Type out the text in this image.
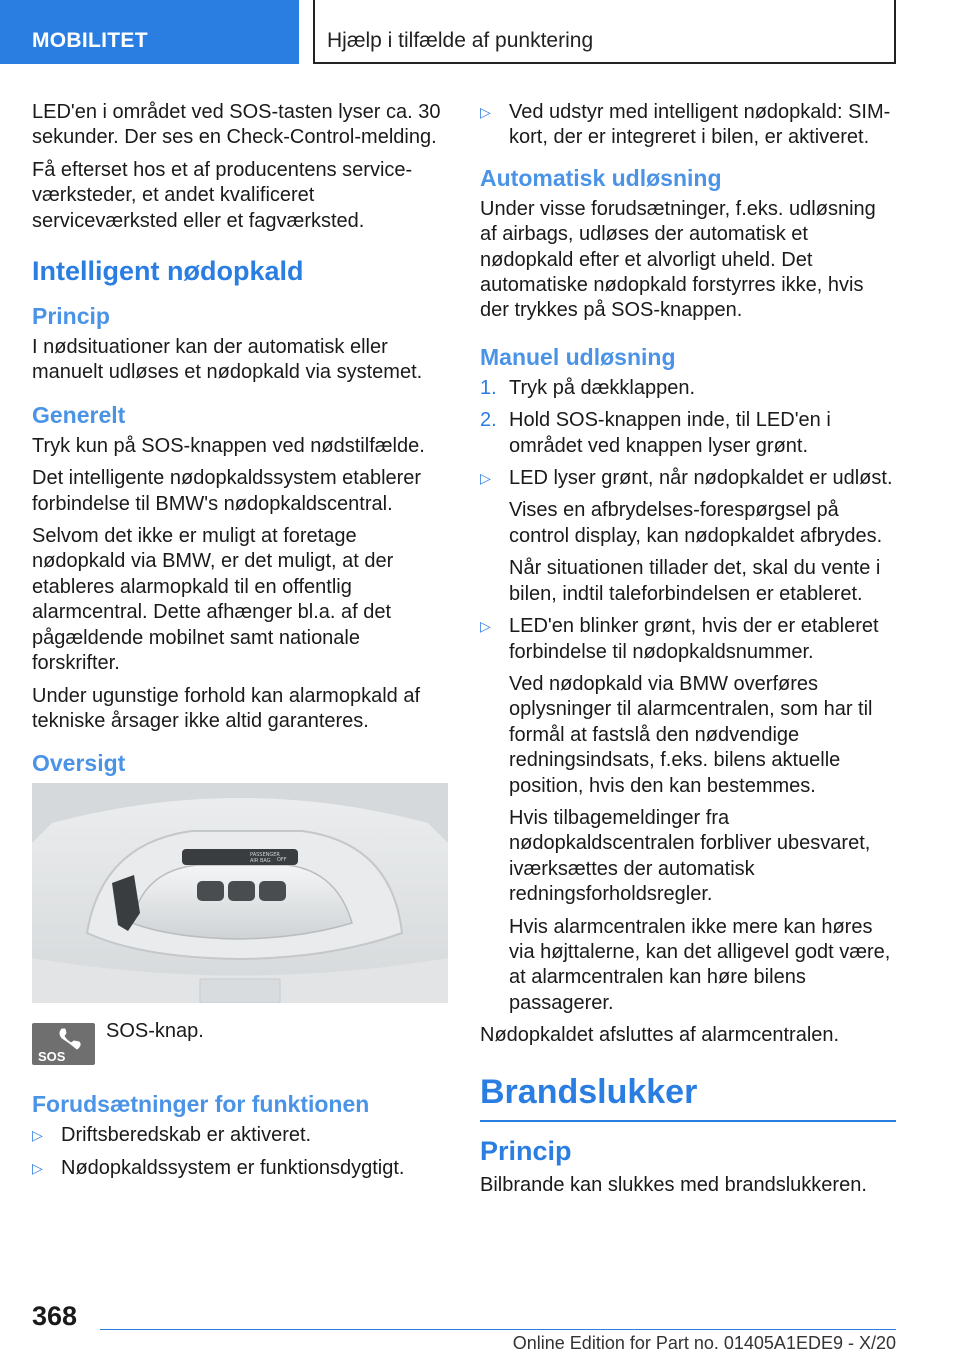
MOBILITET	Hjælp i tilfælde af punktering

LED'en i området ved SOS-tasten lyser ca. 30 sekunder. Der ses en Check-Control-melding.

Få efterset hos et af producentens serviceværksteder, et andet kvalificeret serviceværksted eller et fagværksted.

Intelligent nødopkald
Princip

I nødsituationer kan der automatisk eller manuelt udløses et nødopkald via systemet.

Generelt

Tryk kun på SOS-knappen ved nødstilfælde.

Det intelligente nødopkaldssystem etablerer forbindelse til BMW's nødopkaldscentral.

Selvom det ikke er muligt at foretage nødopkald via BMW, er det muligt, at der etableres alarmopkald til en offentlig alarmcentral. Dette afhænger bl.a. af det pågældende mobilnet samt nationale forskrifter.

Under ugunstige forhold kan alarmopkald af tekniske årsager ikke altid garanteres.

Oversigt
PASSENGER
AIR BAG OFF
SOS
SOS-knap.
Forudsætninger for funktionen
▷ Driftsberedskab er aktiveret.
▷ Nødopkaldssystem er funktionsdygtigt.
▷ Ved udstyr med intelligent nødopkald: SIM-kort, der er integreret i bilen, er aktiveret.
Automatisk udløsning

Under visse forudsætninger, f.eks. udløsning af airbags, udløses der automatisk et nødopkald efter et alvorligt uheld. Det automatiske nødopkald forstyrres ikke, hvis der trykkes på SOS-knappen.

Manuel udløsning
1. Tryk på dækklappen.
2. Hold SOS-knappen inde, til LED'en i området ved knappen lyser grønt.
▷ LED lyser grønt, når nødopkaldet er udløst.
Vises en afbrydelses-forespørgsel på control display, kan nødopkaldet afbrydes.
Når situationen tillader det, skal du vente i bilen, indtil taleforbindelsen er etableret.
▷ LED'en blinker grønt, hvis der er etableret forbindelse til nødopkaldsnummer.
Ved nødopkald via BMW overføres oplysninger til alarmcentralen, som har til formål at fastslå den nødvendige redningsindsats, f.eks. bilens aktuelle position, hvis den kan bestemmes.
Hvis tilbagemeldinger fra nødopkaldscentralen forbliver ubesvaret, iværksættes der automatisk redningsforholdsregler.
Hvis alarmcentralen ikke mere kan høres via højttalerne, kan det alligevel godt være, at alarmcentralen kan høre bilens passagerer.

Nødopkaldet afsluttes af alarmcentralen.

Brandslukker
Princip

Bilbrande kan slukkes med brandslukkeren.

368
Online Edition for Part no. 01405A1EDE9 - X/20
